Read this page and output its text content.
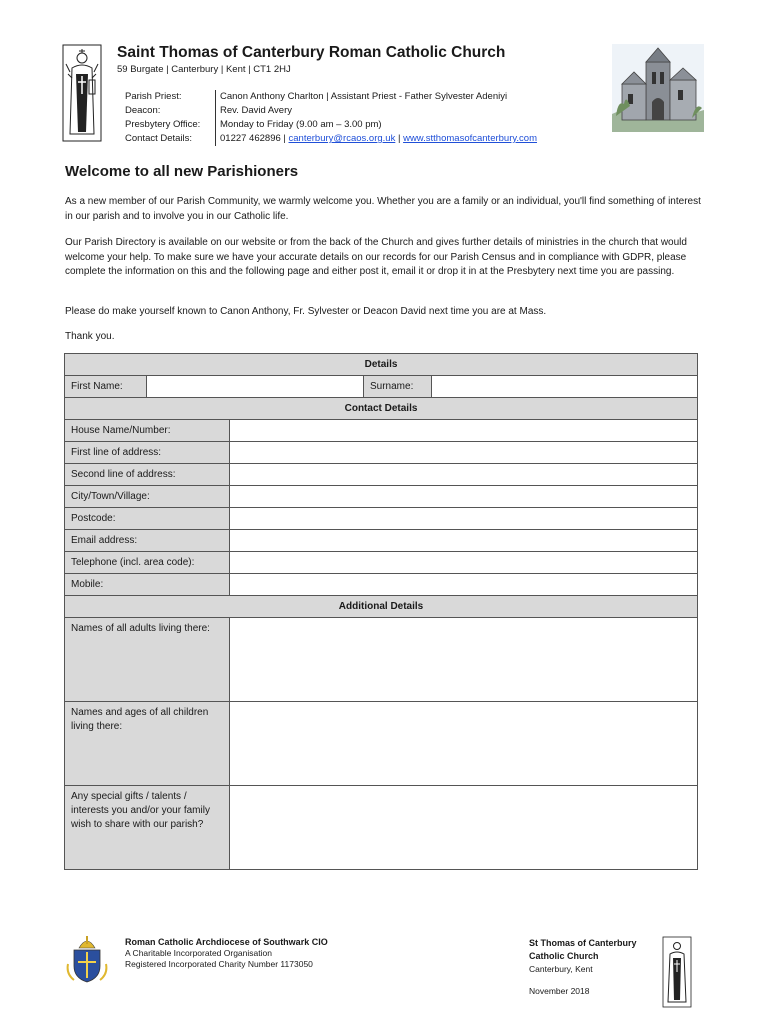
Saint Thomas of Canterbury Roman Catholic Church
59 Burgate | Canterbury | Kent | CT1 2HJ
Parish Priest:	Canon Anthony Charlton | Assistant Priest - Father Sylvester Adeniyi
Deacon:	Rev. David Avery
Presbytery Office:	Monday to Friday (9.00 am – 3.00 pm)
Contact Details:	01227 462896 | canterbury@rcaos.org.uk | www.stthomasofcanterbury.com
Welcome to all new Parishioners
As a new member of our Parish Community, we warmly welcome you. Whether you are a family or an individual, you'll find something of interest in our parish and to involve you in our Catholic life.
Our Parish Directory is available on our website or from the back of the Church and gives further details of ministries in the church that would welcome your help. To make sure we have your accurate details on our records for our Parish Census and in compliance with GDPR, please complete the information on this and the following page and either post it, email it or drop it in at the Presbytery next time you are passing.
Please do make yourself known to Canon Anthony, Fr. Sylvester or Deacon David next time you are at Mass.
Thank you.
Details				
First Name:			Surname:	
Contact Details				
House Name/Number:				
First line of address:				
Second line of address:				
City/Town/Village:				
Postcode:				
Email address:				
Telephone (incl. area code):				
Mobile:				
Additional Details				
Names of all adults living there:				
Names and ages of all children living there:				
Any special gifts / talents / interests you and/or your family wish to share with our parish?				
Roman Catholic Archdiocese of Southwark CIO
A Charitable Incorporated Organisation
Registered Incorporated Charity Number 1173050
St Thomas of Canterbury
Catholic Church
Canterbury, Kent
November 2018
